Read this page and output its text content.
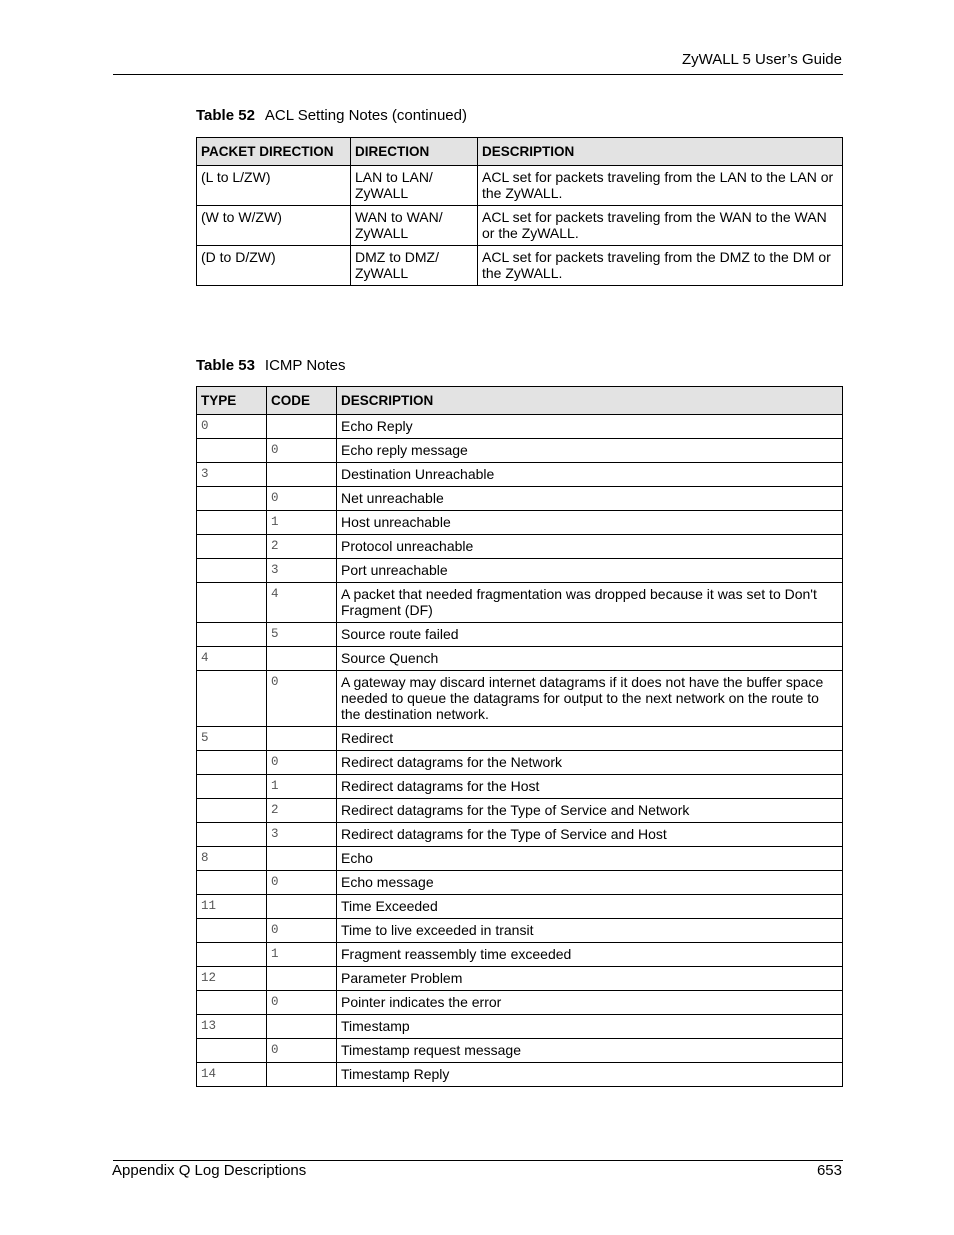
ZyWALL 5 User’s Guide
Table 52 ACL Setting Notes (continued)
PACKET DIRECTION	DIRECTION	DESCRIPTION
(L to L/ZW)	LAN to LAN/ ZyWALL	ACL set for packets traveling from the LAN to the LAN or the ZyWALL.
(W to W/ZW)	WAN to WAN/ ZyWALL	ACL set for packets traveling from the WAN to the WAN or the ZyWALL.
(D to D/ZW)	DMZ to DMZ/ ZyWALL	ACL set for packets traveling from the DMZ to the DM or the ZyWALL.
Table 53 ICMP Notes
TYPE	CODE	DESCRIPTION
0		Echo Reply
	0	Echo reply message
3		Destination Unreachable
	0	Net unreachable
	1	Host unreachable
	2	Protocol unreachable
	3	Port unreachable
	4	A packet that needed fragmentation was dropped because it was set to Don't Fragment (DF)
	5	Source route failed
4		Source Quench
	0	A gateway may discard internet datagrams if it does not have the buffer space needed to queue the datagrams for output to the next network on the route to the destination network.
5		Redirect
	0	Redirect datagrams for the Network
	1	Redirect datagrams for the Host
	2	Redirect datagrams for the Type of Service and Network
	3	Redirect datagrams for the Type of Service and Host
8		Echo
	0	Echo message
11		Time Exceeded
	0	Time to live exceeded in transit
	1	Fragment reassembly time exceeded
12		Parameter Problem
	0	Pointer indicates the error
13		Timestamp
	0	Timestamp request message
14		Timestamp Reply
Appendix Q Log Descriptions	653
